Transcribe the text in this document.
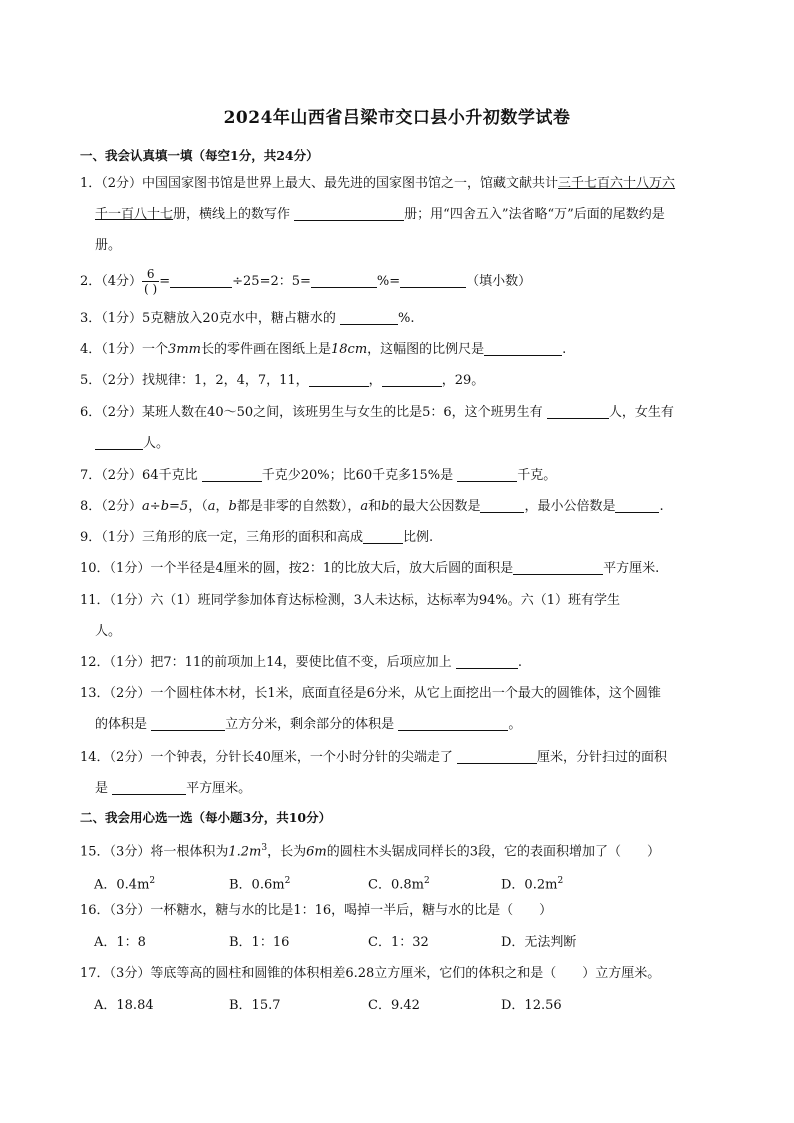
2024年山西省吕梁市交口县小升初数学试卷
一、我会认真填一填（每空1分，共24分）
1．（2分）中国国家图书馆是世界上最大、最先进的国家图书馆之一，馆藏文献共计三千七百六十八万六
千一百八十七册，横线上的数写作	册；用“四舍五入”法省略“万”后面的尾数约是
册。
2．（4分） $\frac{6}{( )}$ =	÷25=2：5=	%=	（填小数）
3．（1分）5克糖放入20克水中，糖占糖水的	%.
4．（1分）一个3mm长的零件画在图纸上是18cm，这幅图的比例尺是	.
5．（2分）找规律：1，2，4，7，11，	，	，29。
6．（2分）某班人数在40～50之间，该班男生与女生的比是5：6，这个班男生有	人，女生有
人。
7．（2分）64千克比	千克少20%；比60千克多15%是	千克。
8．（2分）a÷b=5，（a，b都是非零的自然数），a和b的最大公因数是	，最小公倍数是	.
9．（1分）三角形的底一定，三角形的面积和高成	比例.
10．（1分）一个半径是4厘米的圆，按2：1的比放大后，放大后圆的面积是	平方厘米.
11．（1分）六（1）班同学参加体育达标检测，3人未达标，达标率为94%。六（1）班有学生
人。
12．（1分）把7：11的前项加上14，要使比值不变，后项应加上	.
13．（2分）一个圆柱体木材，长1米，底面直径是6分米，从它上面挖出一个最大的圆锥体，这个圆锥
的体积是	立方分米，剩余部分的体积是	。
14．（2分）一个钟表，分针长40厘米，一个小时分针的尖端走了	厘米，分针扫过的面积
是	平方厘米。
二、我会用心选一选（每小题3分，共10分）
15．（3分）将一根体积为$1.2m^3$，长为6m的圆柱木头锯成同样长的3段，它的表面积增加了（　　）
A．$0.4m^2$	B．$0.6m^2$	C．$0.8m^2$	D．$0.2m^2$
16．（3分）一杯糖水，糖与水的比是1：16，喝掉一半后，糖与水的比是（　　）
A．1：8	B．1：16	C．1：32	D．无法判断
17．（3分）等底等高的圆柱和圆锥的体积相差6.28立方厘米，它们的体积之和是（　　）立方厘米。
A．18.84	B．15.7	C．9.42	D．12.56
